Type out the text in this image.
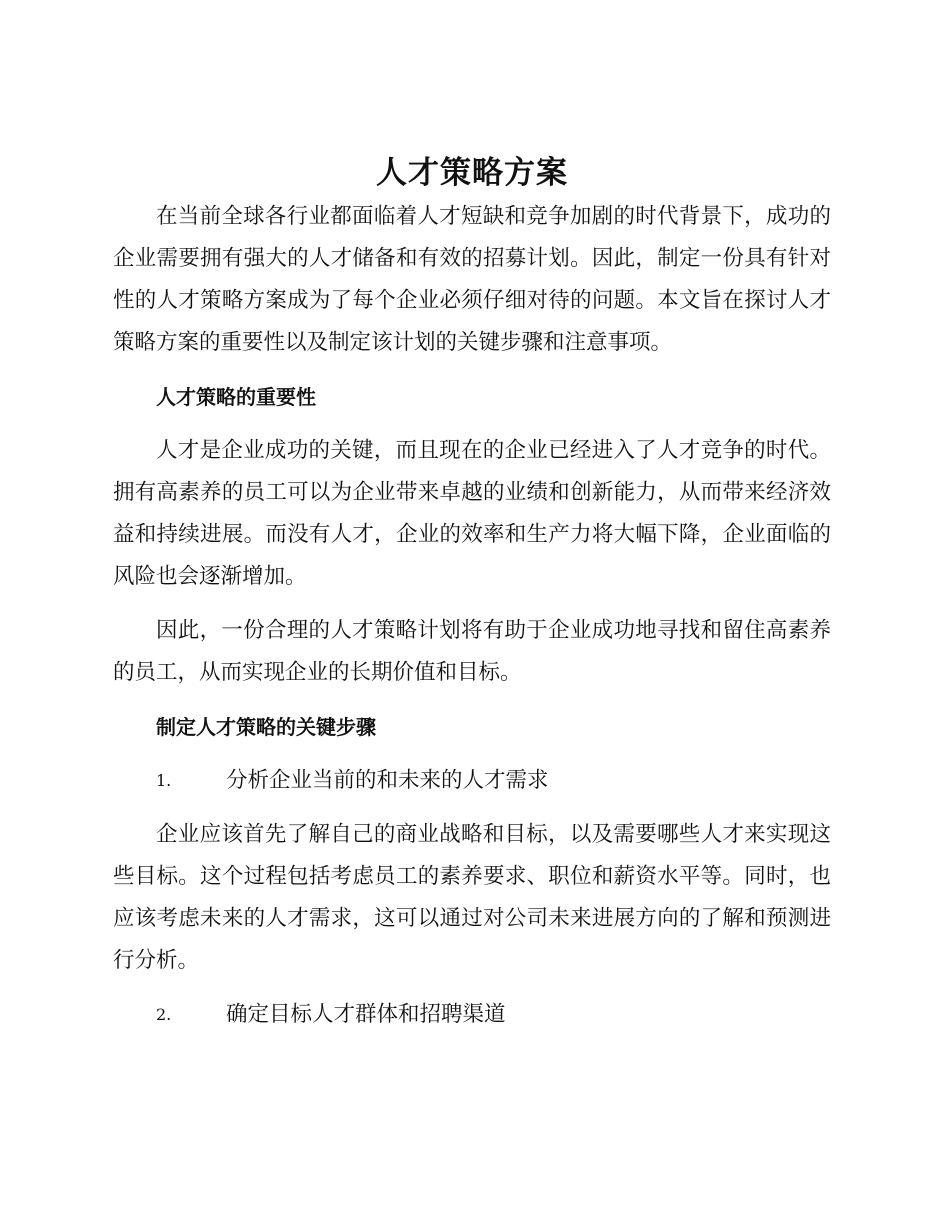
人才策略方案

在当前全球各行业都面临着人才短缺和竞争加剧的时代背景下，成功的企业需要拥有强大的人才储备和有效的招募计划。因此，制定一份具有针对性的人才策略方案成为了每个企业必须仔细对待的问题。本文旨在探讨人才策略方案的重要性以及制定该计划的关键步骤和注意事项。

人才策略的重要性

人才是企业成功的关键，而且现在的企业已经进入了人才竞争的时代。拥有高素养的员工可以为企业带来卓越的业绩和创新能力，从而带来经济效益和持续进展。而没有人才，企业的效率和生产力将大幅下降，企业面临的风险也会逐渐增加。

因此，一份合理的人才策略计划将有助于企业成功地寻找和留住高素养的员工，从而实现企业的长期价值和目标。

制定人才策略的关键步骤

1.	分析企业当前的和未来的人才需求

企业应该首先了解自己的商业战略和目标，以及需要哪些人才来实现这些目标。这个过程包括考虑员工的素养要求、职位和薪资水平等。同时，也应该考虑未来的人才需求，这可以通过对公司未来进展方向的了解和预测进行分析。

2.	确定目标人才群体和招聘渠道
